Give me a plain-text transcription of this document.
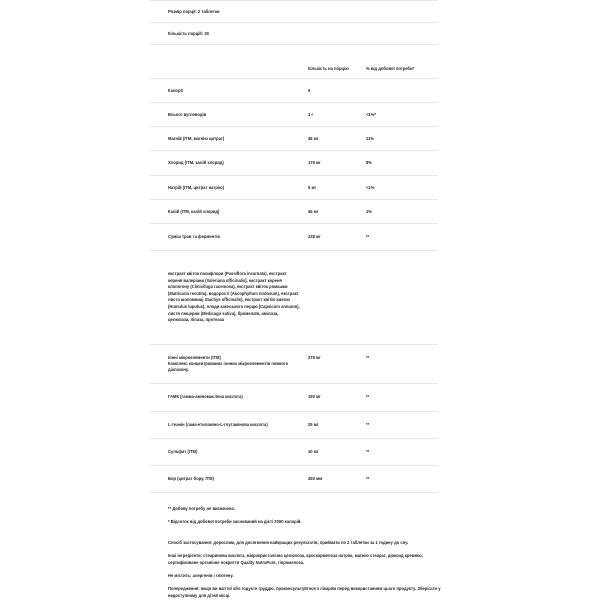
Розмір порції: 2 таблетки
Кількість порцій: 30
	Кількість на порцію	% від добової потреби*
Калорії	5	
Всього вуглеводів	1 г	<1%*
Магній (ІТМ, магнію цитрат)	46 мг	11%
Хлорид (ІТМ, калій хлорид)	175 мг	8%
Натрій (ІТМ, цитрат натрію)	5 мг	<1%
Калій (ІТМ, калій хлорид)	45 мг	1%
Суміш трав та ферментів	238 мг	**
екстракт квіток пасифлори (Passiflora incarnata), екстракт кореня валеріани (Valeriana officinalis), екстракт кореня клопогону (Cimicifuga racemosa), екстракт квіток ромашки (Matricaria recutita), водорості (Ascophyllum nodosum), екстракт листа шоломниці Stachys officinalis), екстракт квітів хмелю (Humulus lupulus), плоди каєнського перцю (Capsicum annuum), листя люцерни (Medicago sativa), бромелаїн, амілаза, целюлаза, ліпаза, протеаза		
Іонні мікроелементи (ІТМ)
Комплекс концентрованих іонних мікроелементів повного діапазону.	275 мг	**
ГАМК (гамма-аміномаслена кислота)	150 мг	**
L-теанін (гама-етиламіно-L-глутамінова кислота)	25 мг	**
Сульфат (ІТМ)	10 мг	**
Бор (цитрат бору, ІТМ)	350 мкг	**

** Добову потребу не визначено.

* Відсоток від добової потреби заснований на дієті 2000 калорій.

Спосіб застосування: дорослим, для досягнення найкращих результатів, приймати по 2 таблетки за 1 годину до сну.

Інші інгредієнти: стеаринова кислота, мікрокристалічна целюлоза, кроскармелоза натрію, магнію стеарат, діоксид кремнію, сертифіковане органічне покриття Quality NutraPure, гіпромелоза.

Не містить: алергенів і глютену.

Попередження: якщо ви вагітні або годуєте груддю, проконсультуйтеся з лікарем перед використанням цього продукту. Зберігати у недоступному для дітей місці.
